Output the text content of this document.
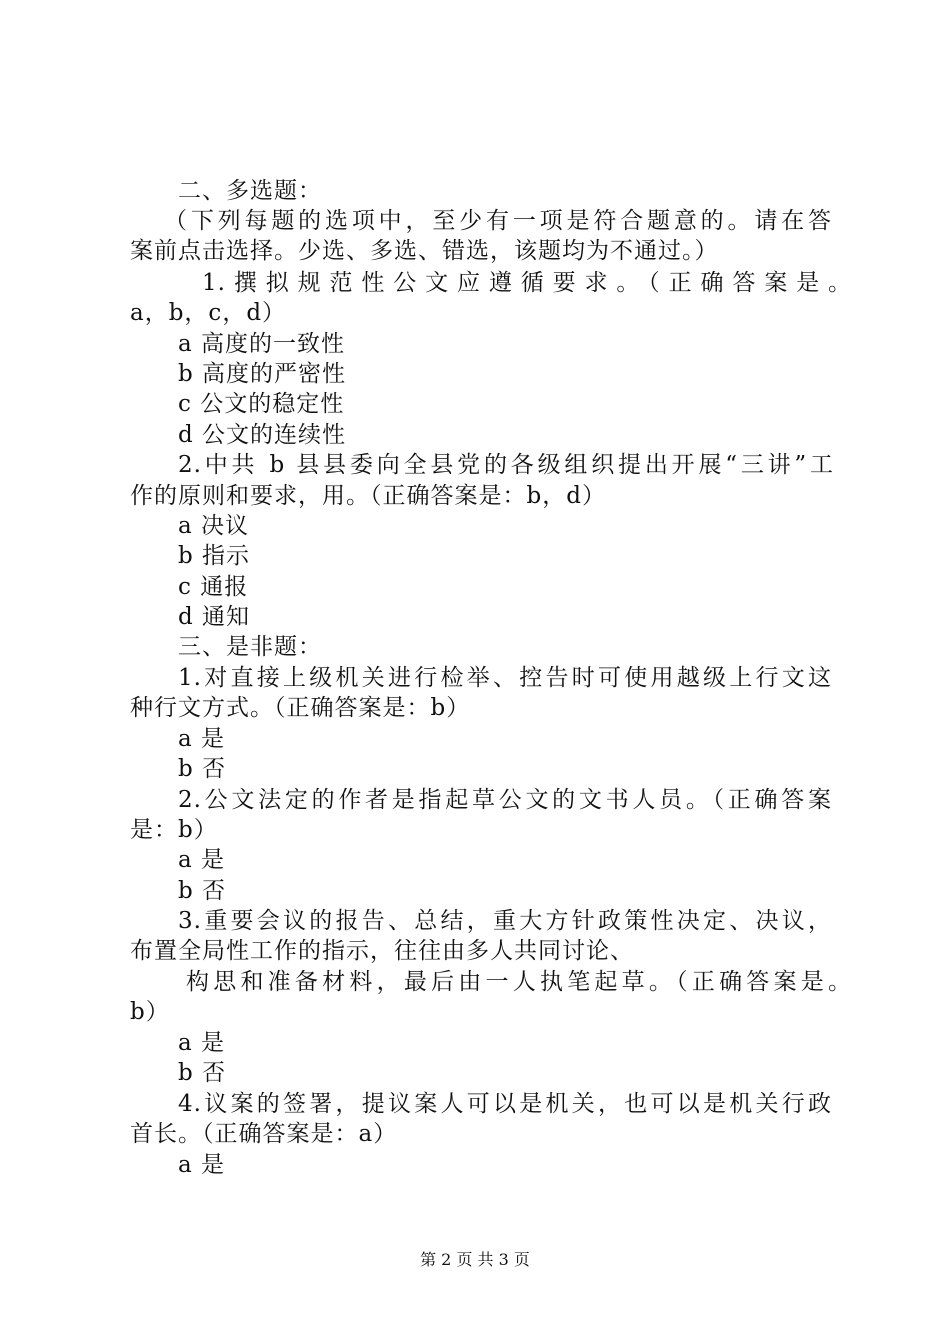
二、多选题：
（下列每题的选项中，至少有一项是符合题意的。请在答
案前点击选择。少选、多选、错选，该题均为不通过。）
1.撰拟规范性公文应遵循要求。（正确答案是。
a，b，c，d）
a 高度的一致性
b 高度的严密性
c 公文的稳定性
d 公文的连续性
2.中共 b 县县委向全县党的各级组织提出开展“三讲”工
作的原则和要求，用。（正确答案是：b，d）
a 决议
b 指示
c 通报
d 通知
三、是非题：
1.对直接上级机关进行检举、控告时可使用越级上行文这
种行文方式。（正确答案是：b）
a 是
b 否
2.公文法定的作者是指起草公文的文书人员。（正确答案
是：b）
a 是
b 否
3.重要会议的报告、总结，重大方针政策性决定、决议，
布置全局性工作的指示，往往由多人共同讨论、
构思和准备材料，最后由一人执笔起草。（正确答案是。
b）
a 是
b 否
4.议案的签署，提议案人可以是机关，也可以是机关行政
首长。（正确答案是：a）
a 是
第 2 页 共 3 页
